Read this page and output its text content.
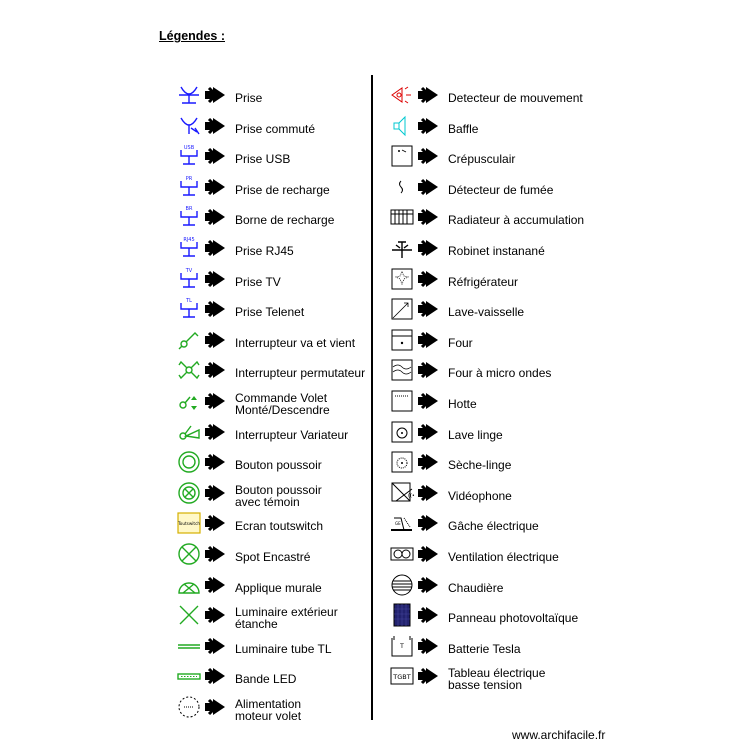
Légendes :
Prise
Prise commuté
USB
Prise USB
PR
Prise de recharge
BR
Borne de recharge
RJ45
Prise RJ45
TV
Prise TV
TL
Prise Telenet
Interrupteur va et vient
Interrupteur permutateur
Commande Volet
Monté/Descendre
Interrupteur Variateur
Bouton poussoir
Bouton poussoir
avec témoin
Toutswitch	Ecran toutswitch
Spot Encastré
Applique murale
Luminaire extérieur
étanche
Luminaire tube TL
Bande LED
Alimentation
moteur volet
Detecteur de mouvement
Baffle
Crépusculair
Détecteur de fumée
Radiateur à accumulation
Robinet instanané
Réfrigérateur
Lave-vaisselle
Four
Four à micro ondes
Hotte
Lave linge
Sèche-linge
((•	Vidéophone
GE	Gâche électrique
Ventilation électrique
Chaudière
Panneau photovoltaïque
T	Batterie Tesla
TGBT	Tableau électrique
basse tension
www.archifacile.fr
